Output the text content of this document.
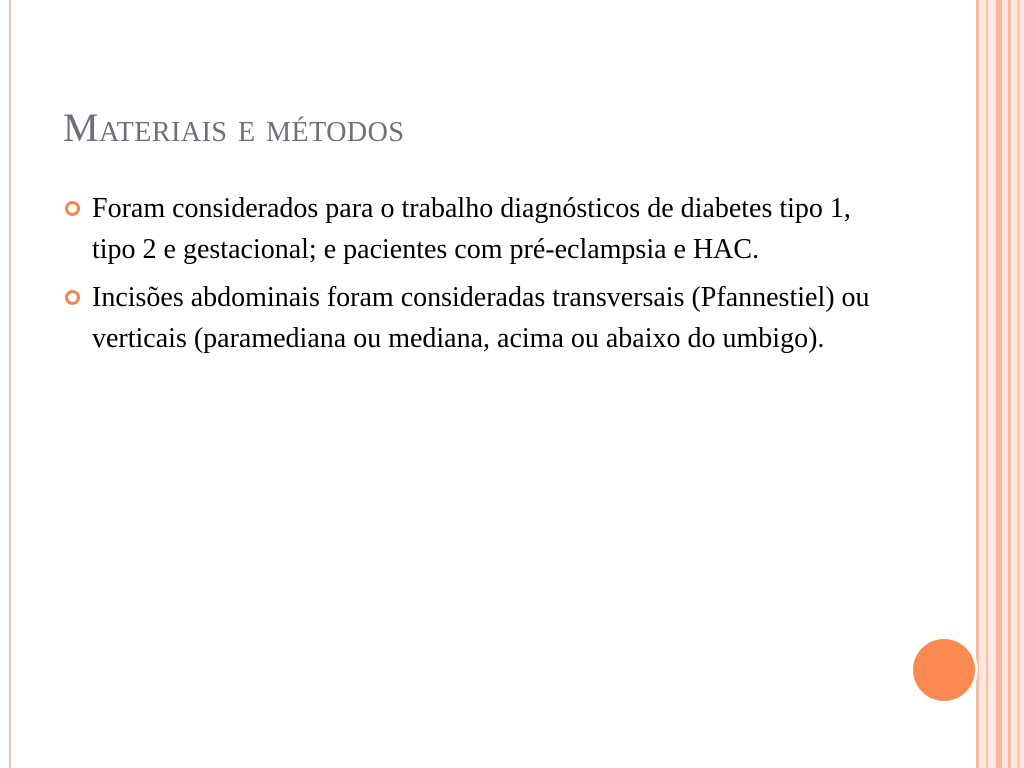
Materiais e métodos
Foram considerados para o trabalho diagnósticos de diabetes tipo 1, tipo 2 e gestacional; e pacientes com pré-eclampsia e HAC.
Incisões abdominais foram consideradas transversais (Pfannestiel) ou verticais (paramediana ou mediana, acima ou abaixo do umbigo).
